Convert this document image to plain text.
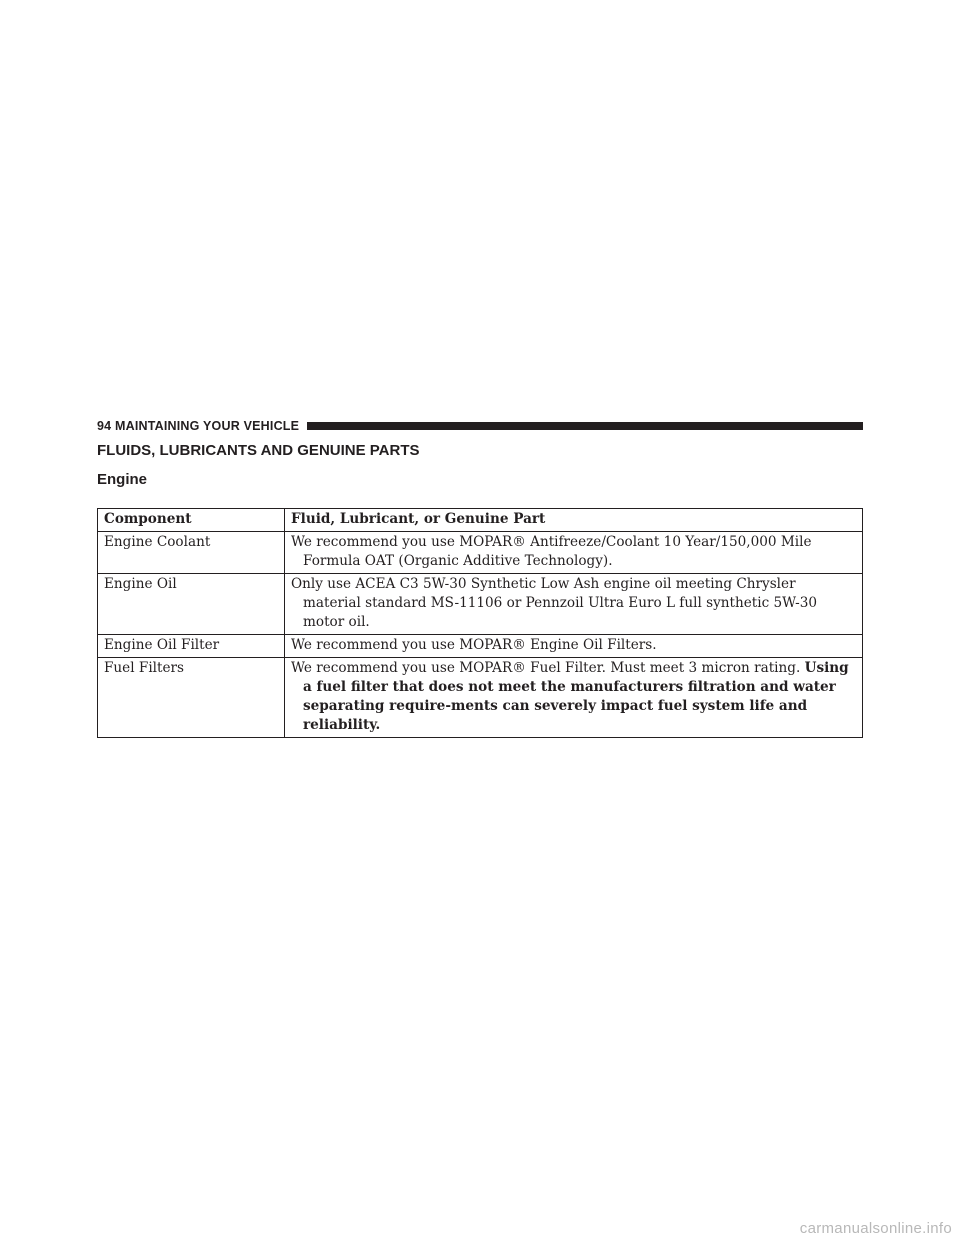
94 MAINTAINING YOUR VEHICLE
FLUIDS, LUBRICANTS AND GENUINE PARTS
Engine
Component	Fluid, Lubricant, or Genuine Part
Engine Coolant	We recommend you use MOPAR® Antifreeze/Coolant 10 Year/150,000 Mile Formula OAT (Organic Additive Technology).
Engine Oil	Only use ACEA C3 5W-30 Synthetic Low Ash engine oil meeting Chrysler material standard MS-11106 or Pennzoil Ultra Euro L full synthetic 5W-30 motor oil.
Engine Oil Filter	We recommend you use MOPAR® Engine Oil Filters.
Fuel Filters	We recommend you use MOPAR® Fuel Filter. Must meet 3 micron rating. Using a fuel filter that does not meet the manufacturers filtration and water separating require-ments can severely impact fuel system life and reliability.
carmanualsonline.info
